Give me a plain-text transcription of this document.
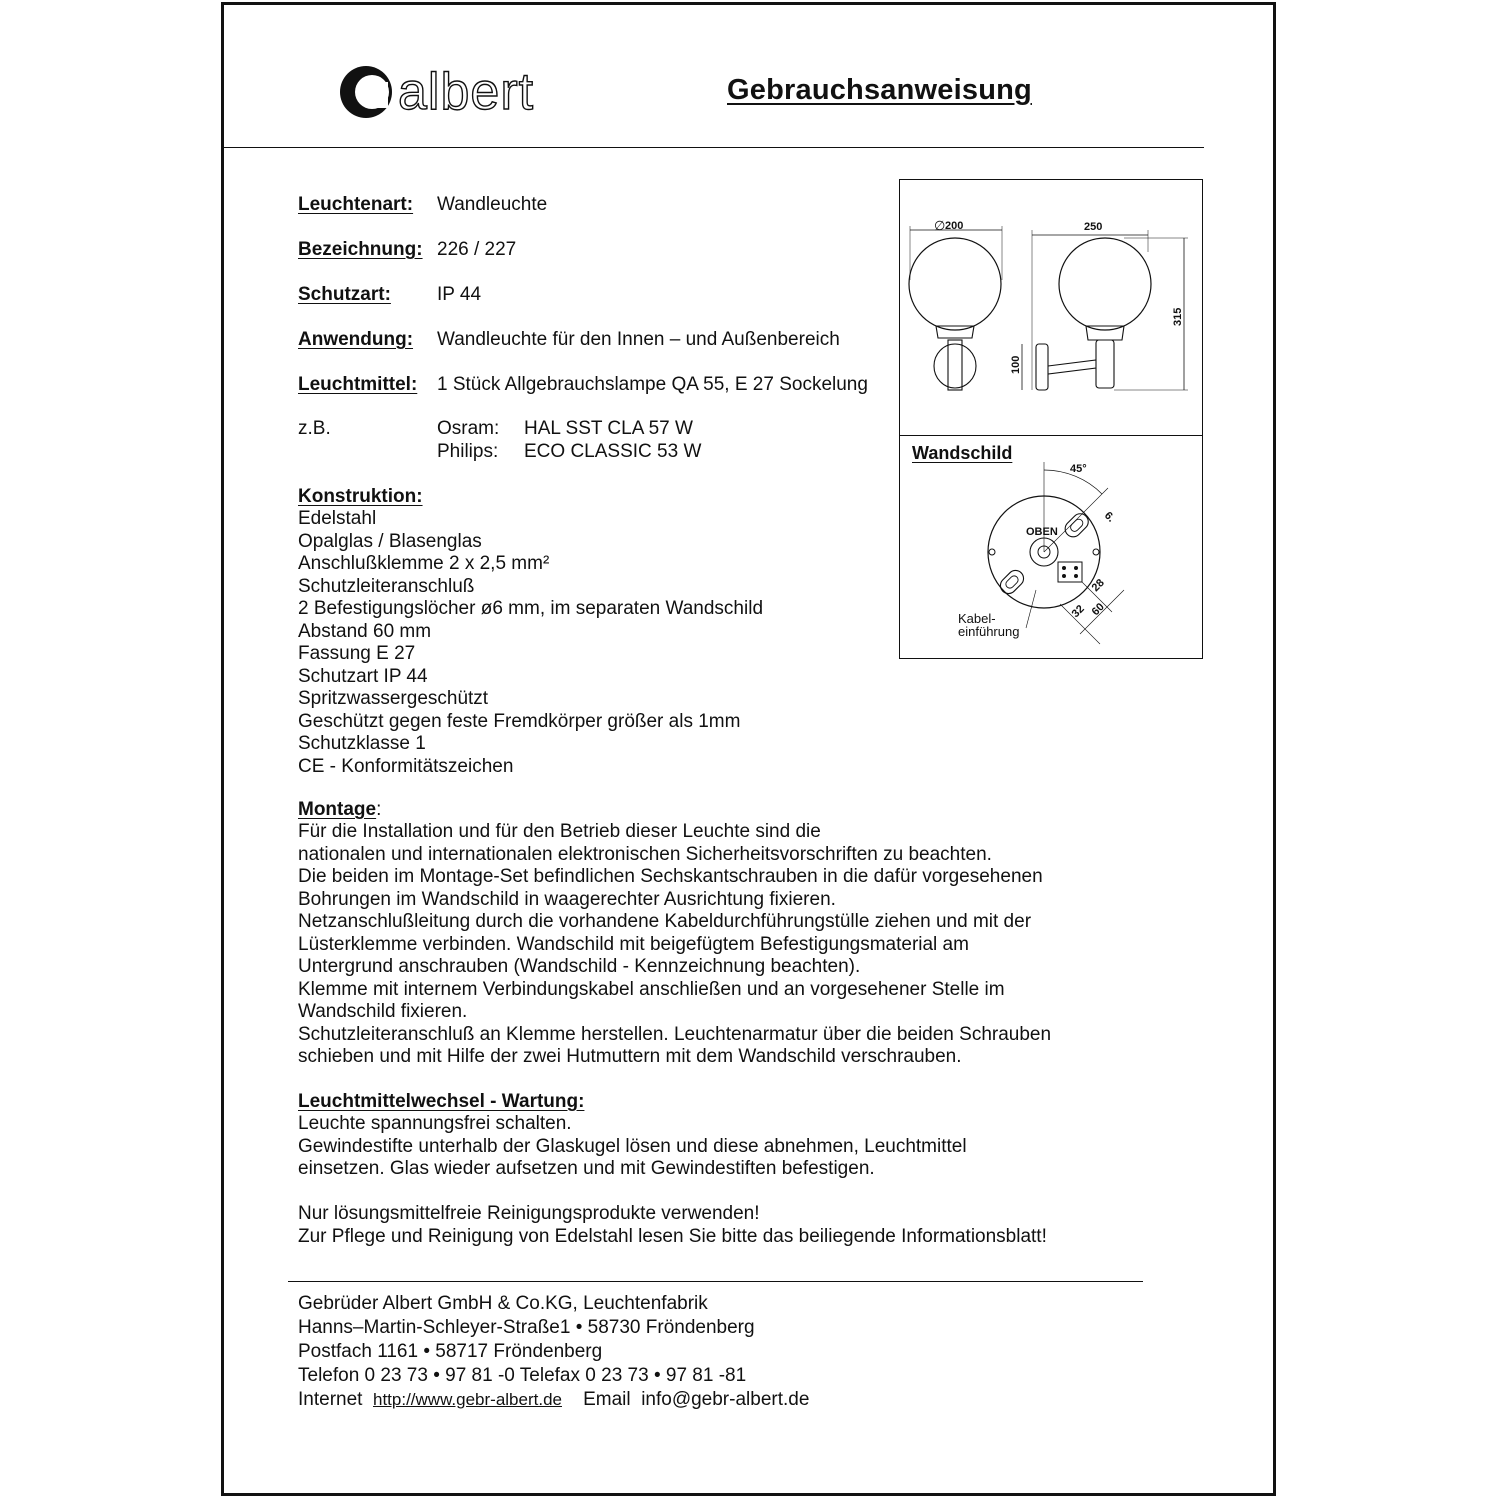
albert	Gebrauchsanweisung
Leuchtenart: Wandleuchte
Bezeichnung: 226 / 227
Schutzart: IP 44
Anwendung: Wandleuchte für den Innen – und Außenbereich
Leuchtmittel: 1 Stück Allgebrauchslampe QA 55, E 27 Sockelung
z.B.	Osram: HAL SST CLA 57 W
Philips: ECO CLASSIC 53 W
Konstruktion:
Edelstahl
Opalglas / Blasenglas
Anschlußklemme 2 x 2,5 mm²
Schutzleiteranschluß
2 Befestigungslöcher ø6 mm, im separaten Wandschild
Abstand 60 mm
Fassung E 27
Schutzart IP 44
Spritzwassergeschützt
Geschützt gegen feste Fremdkörper größer als 1mm
Schutzklasse 1
CE - Konformitätszeichen
Montage:
Für die Installation und für den Betrieb dieser Leuchte sind die
nationalen und internationalen elektronischen Sicherheitsvorschriften zu beachten.
Die beiden im Montage-Set befindlichen Sechskantschrauben in die dafür vorgesehenen
Bohrungen im Wandschild in waagerechter Ausrichtung fixieren.
Netzanschlußleitung durch die vorhandene Kabeldurchführungstülle ziehen und mit der
Lüsterklemme verbinden. Wandschild mit beigefügtem Befestigungsmaterial am
Untergrund anschrauben (Wandschild - Kennzeichnung beachten).
Klemme mit internem Verbindungskabel anschließen und an vorgesehener Stelle im
Wandschild fixieren.
Schutzleiteranschluß an Klemme herstellen. Leuchtenarmatur über die beiden Schrauben
schieben und mit Hilfe der zwei Hutmuttern mit dem Wandschild verschrauben.
Leuchtmittelwechsel - Wartung:
Leuchte spannungsfrei schalten.
Gewindestifte unterhalb der Glaskugel lösen und diese abnehmen, Leuchtmittel
einsetzen. Glas wieder aufsetzen und mit Gewindestiften befestigen.
Nur lösungsmittelfreie Reinigungsprodukte verwenden!
Zur Pflege und Reinigung von Edelstahl lesen Sie bitte das beiliegende Informationsblatt!
Gebrüder Albert GmbH & Co.KG, Leuchtenfabrik
Hanns–Martin-Schleyer-Straße1 • 58730 Fröndenberg
Postfach 1161 • 58717 Fröndenberg
Telefon 0 23 73 • 97 81 -0 Telefax 0 23 73 • 97 81 -81
Internet http://www.gebr-albert.de Email info@gebr-albert.de
200
∅	250
315
100
OBEN
45°
6.
28
32 60
Kabel-
einführung
Wandschild
